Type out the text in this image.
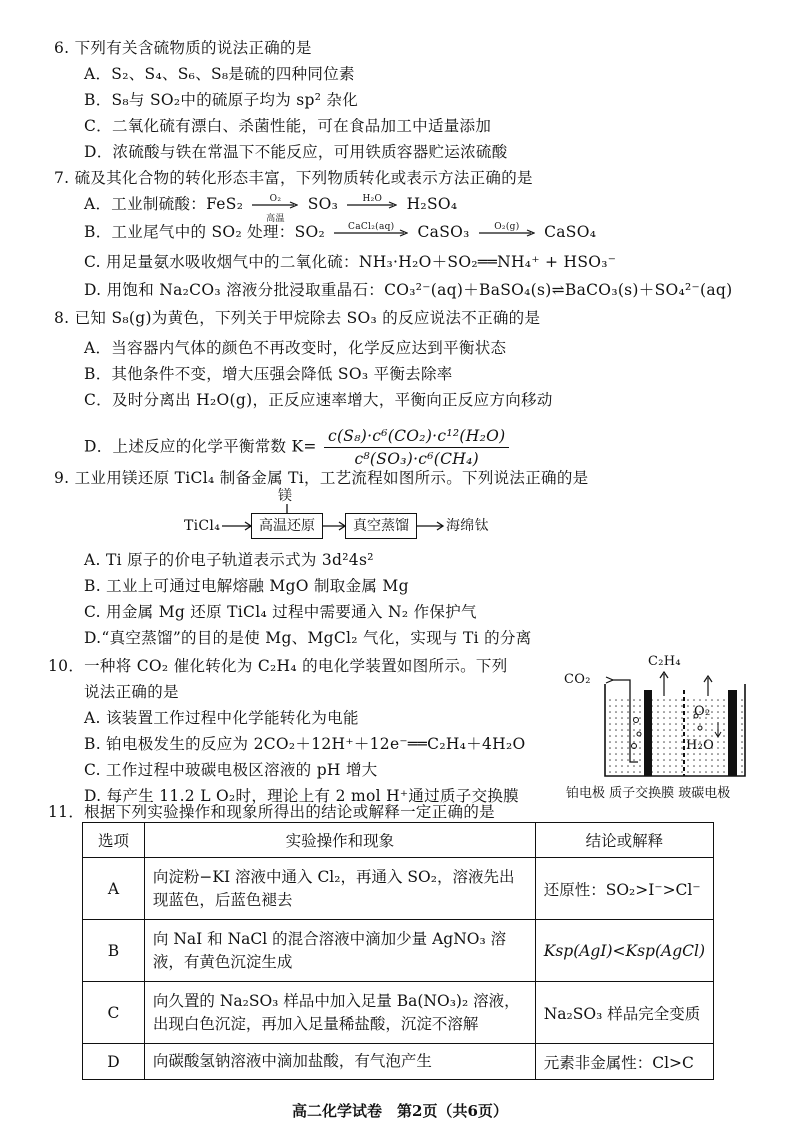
6. 下列有关含硫物质的说法正确的是
A．S₂、S₄、S₆、S₈是硫的四种同位素
B．S₈与 SO₂中的硫原子均为 sp² 杂化
C．二氧化硫有漂白、杀菌性能，可在食品加工中适量添加
D．浓硫酸与铁在常温下不能反应，可用铁质容器贮运浓硫酸
7. 硫及其化合物的转化形态丰富，下列物质转化或表示方法正确的是
A．工业制硫酸：FeS₂	O₂
高温
SO₃	H₂O	H₂SO₄
B．工业尾气中的 SO₂ 处理：SO₂	CaCl₂(aq)	CaSO₃	O₂(g)	CaSO₄
C. 用足量氨水吸收烟气中的二氧化硫：NH₃·H₂O＋SO₂══NH₄⁺ + HSO₃⁻
D. 用饱和 Na₂CO₃ 溶液分批浸取重晶石：CO₃²⁻(aq)＋BaSO₄(s)⇌BaCO₃(s)＋SO₄²⁻(aq)
8. 已知 S₈(g)为黄色，下列关于甲烷除去 SO₃ 的反应说法不正确的是
A．当容器内气体的颜色不再改变时，化学反应达到平衡状态
B．其他条件不变，增大压强会降低 SO₃ 平衡去除率
C．及时分离出 H₂O(g)，正反应速率增大，平衡向正反应方向移动
D．上述反应的化学平衡常数 $K= \frac{\text{c(S₈)·c⁶(CO₂)·c¹²(H₂O)}}{\text{c⁸(SO₃)·c⁶(CH₄)}}$
9. 工业用镁还原 TiCl₄ 制备金属 Ti，工艺流程如图所示。下列说法正确的是
镁
TiCl₄	高温还原	真空蒸馏	海绵钛
A. Ti 原子的价电子轨道表示式为 3d²4s²
B. 工业上可通过电解熔融 MgO 制取金属 Mg
C. 用金属 Mg 还原 TiCl₄ 过程中需要通入 N₂ 作保护气
D.“真空蒸馏”的目的是使 Mg、MgCl₂ 气化，实现与 Ti 的分离
10．一种将 CO₂ 催化转化为 C₂H₄ 的电化学装置如图所示。下列
说法正确的是
A. 该装置工作过程中化学能转化为电能
B. 铂电极发生的反应为 2CO₂＋12H⁺＋12e⁻══C₂H₄＋4H₂O
C. 工作过程中玻碳电极区溶液的 pH 增大
D. 每产生 11.2 L O₂时，理论上有 2 mol H⁺通过质子交换膜
CO₂
C₂H₄
O₂
H₂O
铂电极 质子交换膜 玻碳电极
11．根据下列实验操作和现象所得出的结论或解释一定正确的是
选项	实验操作和现象	结论或解释
A	向淀粉−KI 溶液中通入 Cl₂，再通入 SO₂，溶液先出现蓝色，后蓝色褪去	还原性：SO₂>I⁻>Cl⁻
B	向 NaI 和 NaCl 的混合溶液中滴加少量 AgNO₃ 溶液，有黄色沉淀生成	Ksp(AgI)<Ksp(AgCl)
C	向久置的 Na₂SO₃ 样品中加入足量 Ba(NO₃)₂ 溶液，出现白色沉淀，再加入足量稀盐酸，沉淀不溶解	Na₂SO₃ 样品完全变质
D	向碳酸氢钠溶液中滴加盐酸，有气泡产生	元素非金属性：Cl>C
高二化学试卷　第2页（共6页）
